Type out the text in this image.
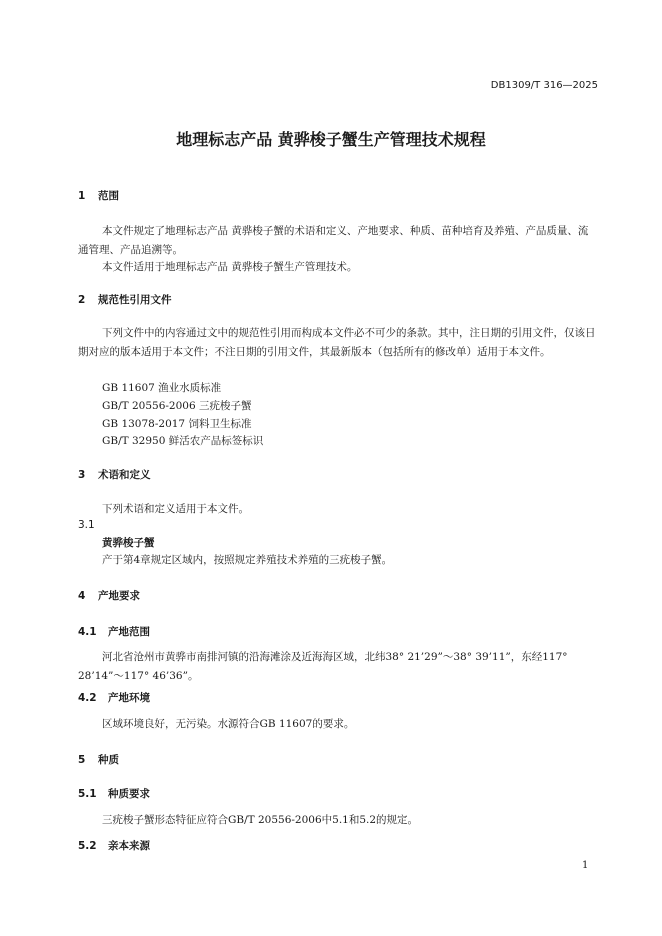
DB1309/T 316—2025
地理标志产品 黄骅梭子蟹生产管理技术规程
1 范围
本文件规定了地理标志产品 黄骅梭子蟹的术语和定义、产地要求、种质、苗种培育及养殖、产品质量、流通管理、产品追溯等。
本文件适用于地理标志产品 黄骅梭子蟹生产管理技术。
2 规范性引用文件
下列文件中的内容通过文中的规范性引用而构成本文件必不可少的条款。其中，注日期的引用文件，仅该日期对应的版本适用于本文件；不注日期的引用文件，其最新版本（包括所有的修改单）适用于本文件。
GB 11607 渔业水质标准
GB/T 20556-2006 三疣梭子蟹
GB 13078-2017 饲料卫生标准
GB/T 32950 鲜活农产品标签标识
3 术语和定义
下列术语和定义适用于本文件。
3.1
黄骅梭子蟹
产于第4章规定区域内，按照规定养殖技术养殖的三疣梭子蟹。
4 产地要求
4.1 产地范围
河北省沧州市黄骅市南排河镇的沿海滩涂及近海海区域，北纬38° 21’29”～38° 39’11”，东经117° 28’14”～117° 46’36”。
4.2 产地环境
区域环境良好，无污染。水源符合GB 11607的要求。
5 种质
5.1 种质要求
三疣梭子蟹形态特征应符合GB/T 20556-2006中5.1和5.2的规定。
5.2 亲本来源
1
